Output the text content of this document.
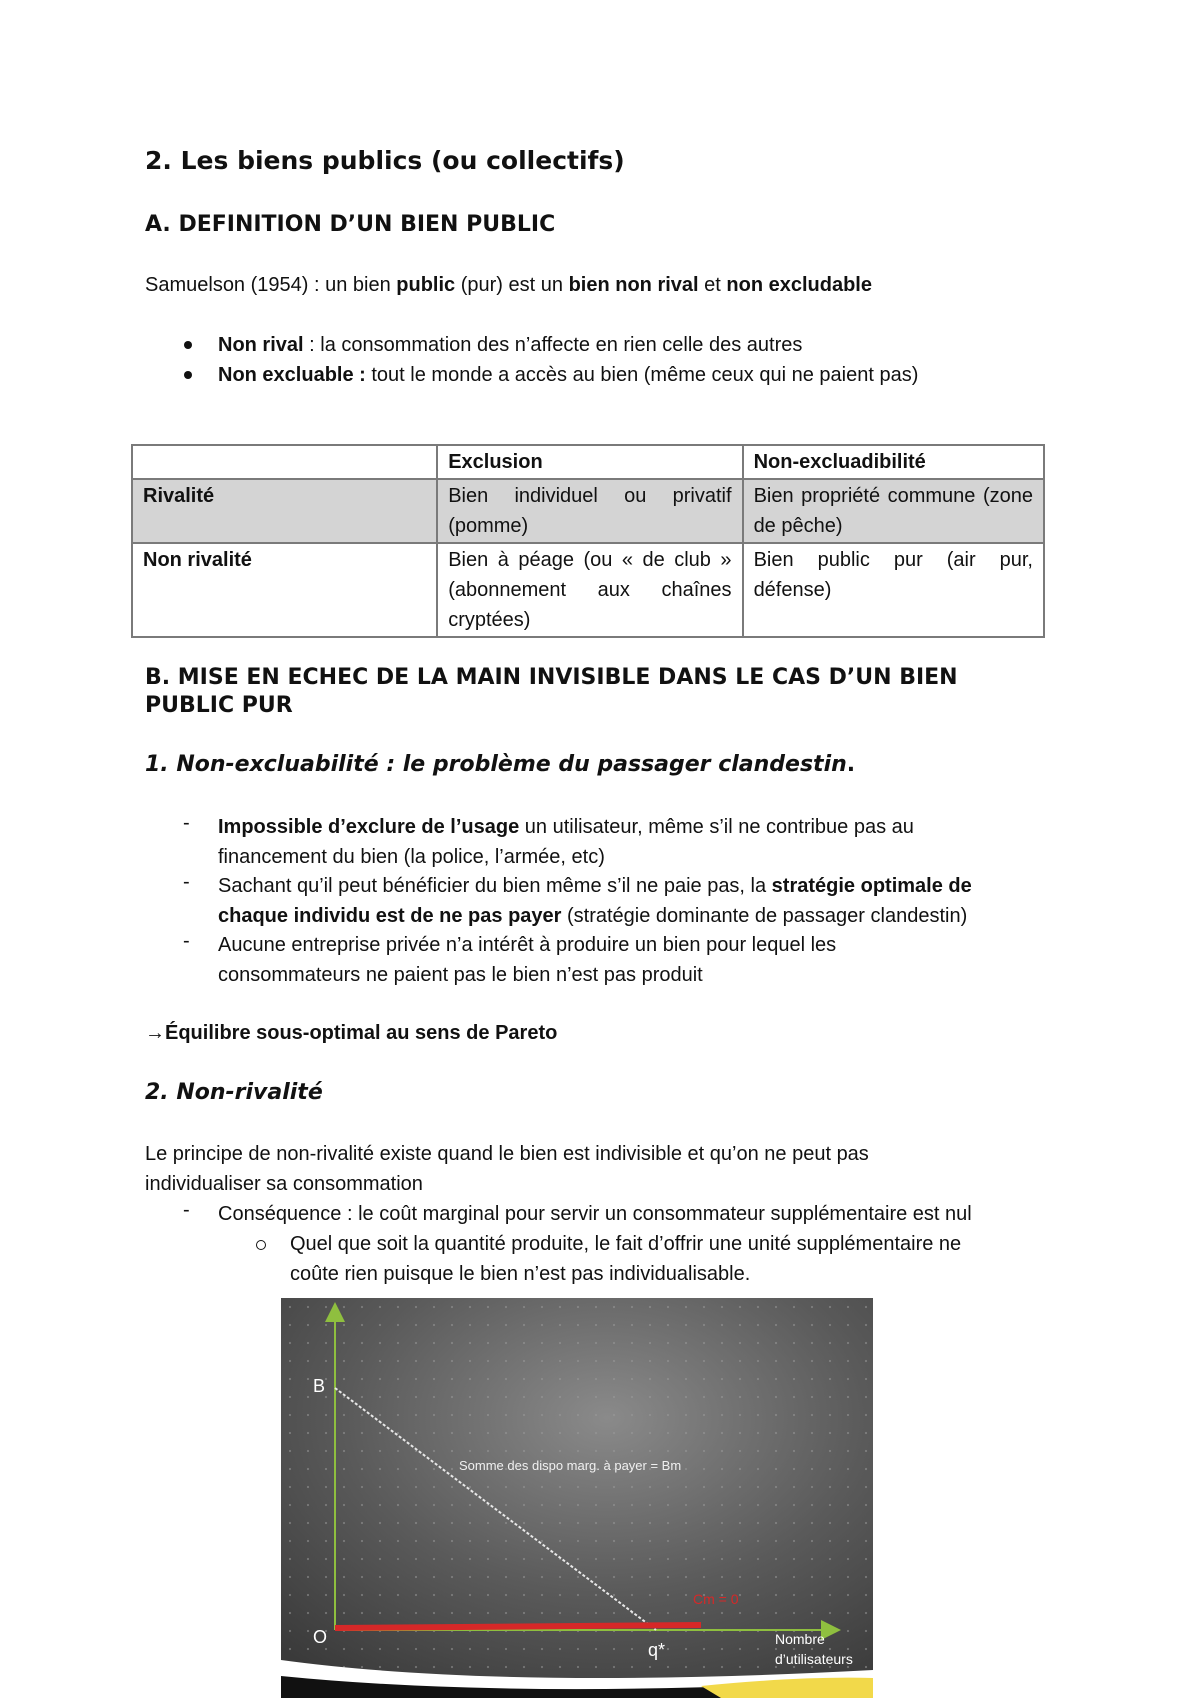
2. Les biens publics (ou collectifs)
A. DEFINITION D’UN BIEN PUBLIC
Samuelson (1954) : un bien public (pur) est un bien non rival et non excludable
Non rival : la consommation des n’affecte en rien celle des autres
Non excluable : tout le monde a accès au bien (même ceux qui ne paient pas)
	Exclusion	Non-excluadibilité
Rivalité	Bien individuel ou privatif (pomme)	Bien propriété commune (zone de pêche)
Non rivalité	Bien à péage (ou « de club » (abonnement aux chaînes cryptées)	Bien public pur (air pur, défense)
B. MISE EN ECHEC DE LA MAIN INVISIBLE DANS LE CAS D’UN BIEN PUBLIC PUR
1. Non-excluabilité : le problème du passager clandestin.
- Impossible d’exclure de l’usage un utilisateur, même s’il ne contribue pas au
financement du bien (la police, l’armée, etc)
- Sachant qu’il peut bénéficier du bien même s’il ne paie pas, la stratégie optimale de
chaque individu est de ne pas payer (stratégie dominante de passager clandestin)
- Aucune entreprise privée n’a intérêt à produire un bien pour lequel les
consommateurs ne paient pas le bien n’est pas produit
→Équilibre sous-optimal au sens de Pareto
2. Non-rivalité
Le principe de non-rivalité existe quand le bien est indivisible et qu’on ne peut pas
individualiser sa consommation
- Conséquence : le coût marginal pour servir un consommateur supplémentaire est nul
Quel que soit la quantité produite, le fait d’offrir une unité supplémentaire ne
coûte rien puisque le bien n’est pas individualisable.
B
O
q*
Somme des dispo marg. à payer = Bm
Cm = 0
Nombre
d’utilisateurs
